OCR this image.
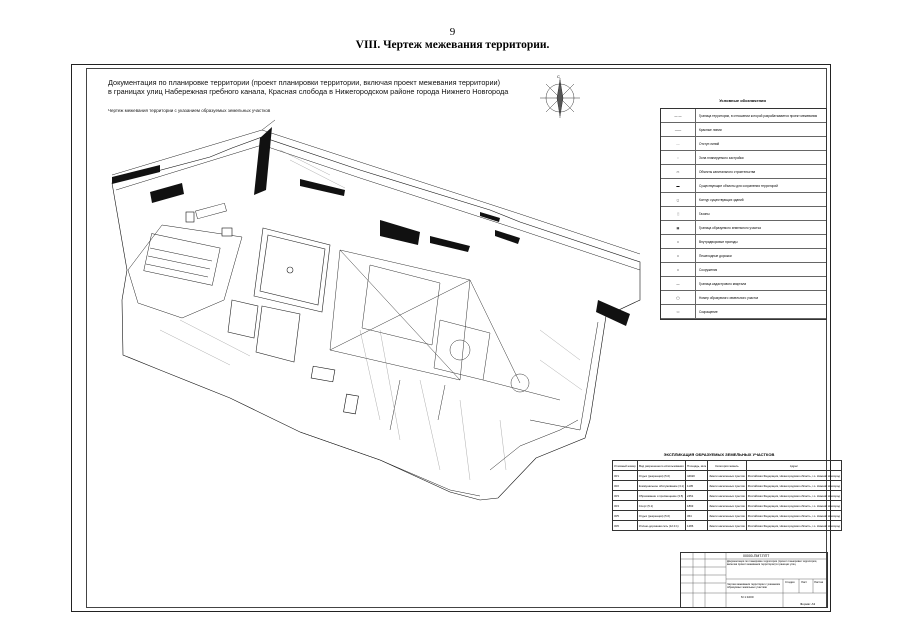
9
VIII. Чертеж межевания территории.
Документация по планировке территории (проект планировки территории, включая проект межевания территории)
в границах улиц Набережная гребного канала, Красная слобода в Нижегородском районе города Нижнего Новгорода
Чертеж межевания территории с указанием образуемых земельных участков
С
Условные обозначения
— —	Граница территории, в отношении которой разрабатывается проект межевания
——	Красные линии
- -	Отступ линий
▫	Зона планируемого застройки
▭	Объекты капитального строительства
▬	Существующие объекты для сохранения территорий
◻	Контур существующих зданий
░	Газоны
▦	Граница образуемого земельного участка
□	Внутридворовые проезды
□	Пешеходные дорожки
□	Сооружения
—	Граница кадастрового квартала
◯	Номер образуемого земельного участка
⬭	Сокращение
ЭКСПЛИКАЦИЯ ОБРАЗУЕМЫХ ЗЕМЕЛЬНЫХ УЧАСТКОВ
Условный номер	Вид разрешенного использования	Площадь, кв.м	Категория земель	Адрес
ЗУ1	Отдых (рекреация) (5.0)	44920	Земли населенных пунктов	Российская Федерация, Нижегородская область, г.о. Нижний Новгород
ЗУ2	Коммунальное обслуживание (3.1)	1105	Земли населенных пунктов	Российская Федерация, Нижегородская область, г.о. Нижний Новгород
ЗУ3	Образование и просвещение (3.5)	2451	Земли населенных пунктов	Российская Федерация, Нижегородская область, г.о. Нижний Новгород
ЗУ4	Спорт (5.1)	1893	Земли населенных пунктов	Российская Федерация, Нижегородская область, г.о. Нижний Новгород
ЗУ5	Отдых (рекреация) (5.0)	364	Земли населенных пунктов	Российская Федерация, Нижегородская область, г.о. Нижний Новгород
ЗУ6	Улично-дорожная сеть (12.0.1)	1286	Земли населенных пунктов	Российская Федерация, Нижегородская область, г.о. Нижний Новгород
00000-ПМТ.ППТ
Документация по планировке территории (проект планировки территории, включая проект межевания территории) в границах улиц
Чертеж межевания территории с указанием образуемых земельных участков
Стадия Лист Листов
М 1:1000
Формат А3
